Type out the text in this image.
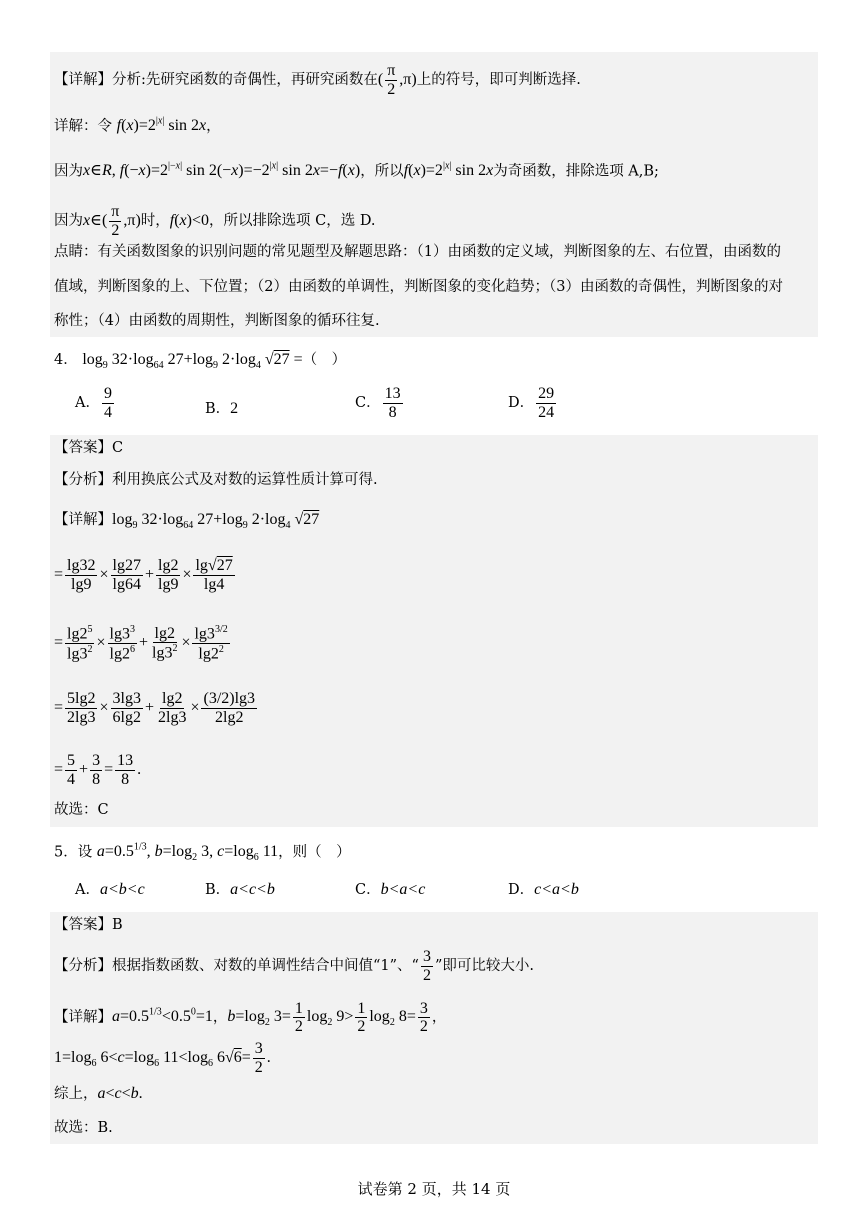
【详解】分析:先研究函数的奇偶性，再研究函数在( $\frac{\pi}{2} ,\pi$)上的符号，即可判断选择.
详解：令 $f(x)=2^{|x|}$ sin 2x，
因为x∈R, $f(-x)=2^{|-x|}$ $\sin 2(-x)=-2^{|x|}$ sin 2x=−f(x)，所以$f(x)=2^{|x|}$ sin 2x为奇函数，排除选项 A,B;
因为x∈( $\frac{\pi}{2} ,\pi$)时，f(x)<0，所以排除选项 C，选 D.
点睛：有关函数图象的识别问题的常见题型及解题思路：（1）由函数的定义域，判断图象的左、右位置，由函数的
值域，判断图象的上、下位置；（2）由函数的单调性，判断图象的变化趋势；（3）由函数的奇偶性，判断图象的对
称性；（4）由函数的周期性，判断图象的循环往复.
4． $\log_9 32\cdot\log_{64}$ $27+\log_9$ $2\cdot\log_4$ √27 =（　）
A． $\frac{9}{4}$	B．2	C． $\frac{13}{8}$	D． $\frac{29}{24}$
【答案】C
【分析】利用换底公式及对数的运算性质计算可得.
【详解】$\log_9 32\cdot\log_{64}$ $27+\log_9$ $2\cdot\log_4$ √27
= $\frac{\lg 32}{\lg 9} \times \frac{\lg 27}{\lg 64} + \frac{\lg 2}{\lg 9} \times \frac{\lg√27}{\lg 4}$
= $\frac{\lg 2^5}{\lg 3^2} \times \frac{\lg 3^3}{\lg 2^6} + \frac{\lg 2}{\lg 3^2} \times \frac{\lg 3^{3/2}}{\lg 2^2}$
= $\frac{5\lg 2}{2\lg 3} \times \frac{3\lg 3}{6\lg 2} + \frac{\lg 2}{2\lg 3} \times \frac{(3/2)\lg 3}{2\lg 2}$
= $\frac{5}{4} + \frac{3}{8} = \frac{13}{8}$ .
故选：C
5．设 $a=0.5^{1/3}$, $b=\log_2$ 3, $c=\log_6$ 11，则（　）
A．a<b<c	B．a<c<b	C．b<a<c	D．c<a<b
【答案】B
【分析】根据指数函数、对数的单调性结合中间值“1”、“ $\frac{3}{2}$ ”即可比较大小.
【详解】$a=0.5^{1/3}<0.5^0=1$，$b=\log_2$ $3= \frac{1}{2} \log_2 9> \frac{1}{2} \log_2 8= \frac{3}{2}$ ，
$1=\log_6$ $6<c=\log_6$ $11<\log_6$ $6√6= \frac{3}{2}$ .
综上，a<c<b.
故选：B.
试卷第 2 页，共 14 页
